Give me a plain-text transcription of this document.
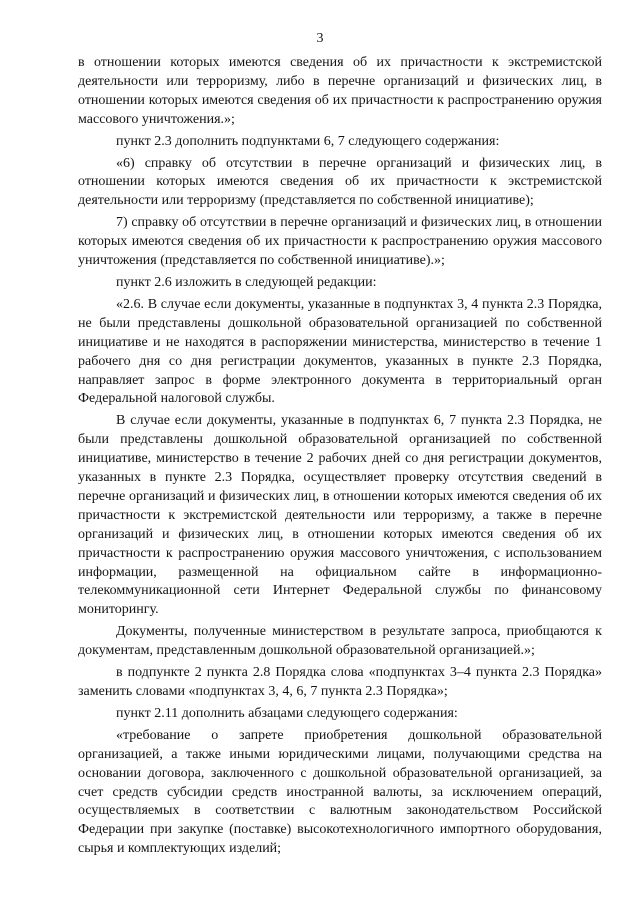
3

в отношении которых имеются сведения об их причастности к экстремистской деятельности или терроризму, либо в перечне организаций и физических лиц, в отношении которых имеются сведения об их причастности к распространению оружия массового уничтожения.»;

пункт 2.3 дополнить подпунктами 6, 7 следующего содержания:

«6) справку об отсутствии в перечне организаций и физических лиц, в отношении которых имеются сведения об их причастности к экстремистской деятельности или терроризму (представляется по собственной инициативе);

7) справку об отсутствии в перечне организаций и физических лиц, в отношении которых имеются сведения об их причастности к распространению оружия массового уничтожения (представляется по собственной инициативе).»;

пункт 2.6 изложить в следующей редакции:

«2.6. В случае если документы, указанные в подпунктах 3, 4 пункта 2.3 Порядка, не были представлены дошкольной образовательной организацией по собственной инициативе и не находятся в распоряжении министерства, министерство в течение 1 рабочего дня со дня регистрации документов, указанных в пункте 2.3 Порядка, направляет запрос в форме электронного документа в территориальный орган Федеральной налоговой службы.

В случае если документы, указанные в подпунктах 6, 7 пункта 2.3 Порядка, не были представлены дошкольной образовательной организацией по собственной инициативе, министерство в течение 2 рабочих дней со дня регистрации документов, указанных в пункте 2.3 Порядка, осуществляет проверку отсутствия сведений в перечне организаций и физических лиц, в отношении которых имеются сведения об их причастности к экстремистской деятельности или терроризму, а также в перечне организаций и физических лиц, в отношении которых имеются сведения об их причастности к распространению оружия массового уничтожения, с использованием информации, размещенной на официальном сайте в информационно-телекоммуникационной сети Интернет Федеральной службы по финансовому мониторингу.

Документы, полученные министерством в результате запроса, приобщаются к документам, представленным дошкольной образовательной организацией.»;

в подпункте 2 пункта 2.8 Порядка слова «подпунктах 3–4 пункта 2.3 Порядка» заменить словами «подпунктах 3, 4, 6, 7 пункта 2.3 Порядка»;

пункт 2.11 дополнить абзацами следующего содержания:

«требование о запрете приобретения дошкольной образовательной организацией, а также иными юридическими лицами, получающими средства на основании договора, заключенного с дошкольной образовательной организацией, за счет средств субсидии средств иностранной валюты, за исключением операций, осуществляемых в соответствии с валютным законодательством Российской Федерации при закупке (поставке) высокотехнологичного импортного оборудования, сырья и комплектующих изделий;
